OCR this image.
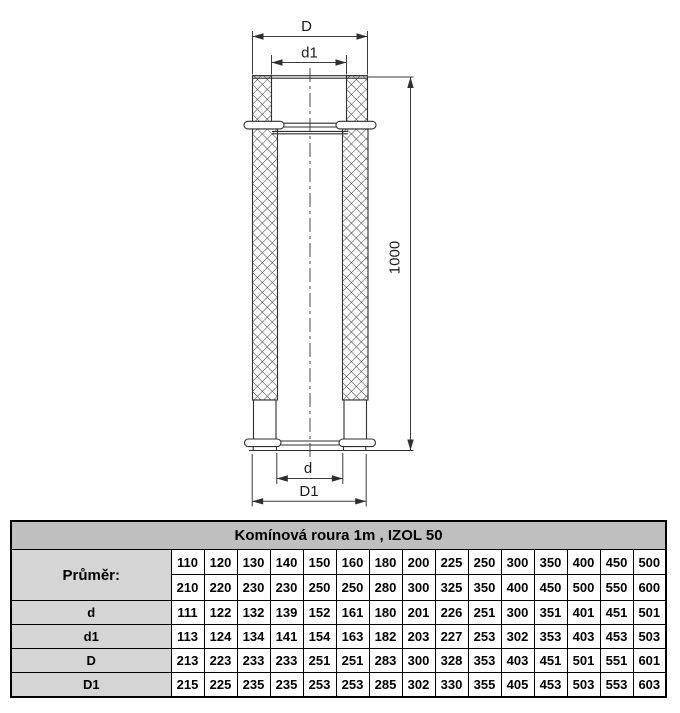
D
d1
1000
d
D1
Komínová roura 1m , IZOL 50															
Průměr:	110	120	130	140	150	160	180	200	225	250	300	350	400	450	500
	210	220	230	230	250	250	280	300	325	350	400	450	500	550	600
d	111	122	132	139	152	161	180	201	226	251	300	351	401	451	501
d1	113	124	134	141	154	163	182	203	227	253	302	353	403	453	503
D	213	223	233	233	251	251	283	300	328	353	403	451	501	551	601
D1	215	225	235	235	253	253	285	302	330	355	405	453	503	553	603
